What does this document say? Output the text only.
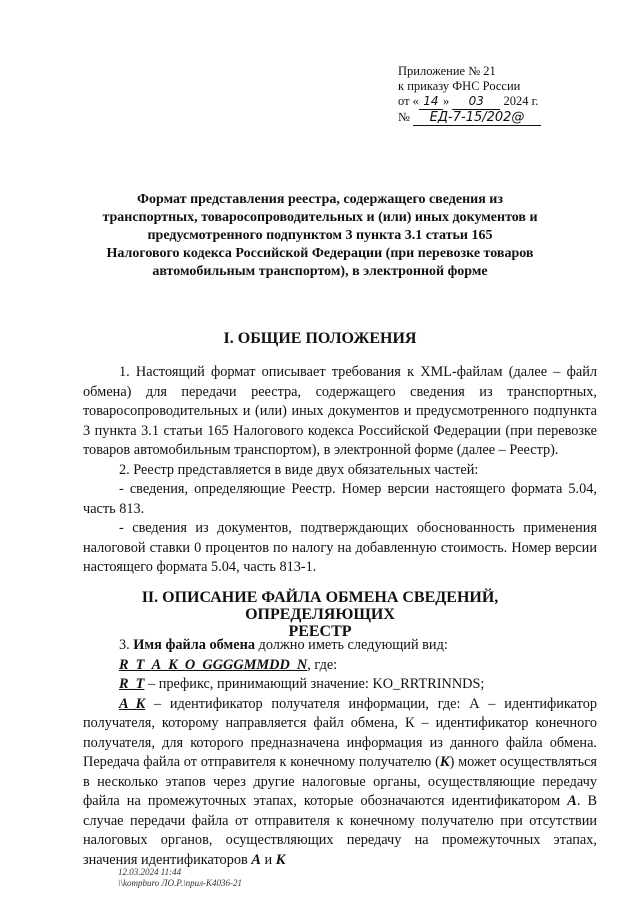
Приложение № 21
к приказу ФНС России
от « 14 » 03 2024 г.
№ ЕД-7-15/202@
Формат представления реестра, содержащего сведения из
транспортных, товаросопроводительных и (или) иных документов и
предусмотренного подпунктом 3 пункта 3.1 статьи 165
Налогового кодекса Российской Федерации (при перевозке товаров
автомобильным транспортом), в электронной форме
I. ОБЩИЕ ПОЛОЖЕНИЯ

1. Настоящий формат описывает требования к XML-файлам (далее – файл обмена) для передачи реестра, содержащего сведения из транспортных, товаросопроводительных и (или) иных документов и предусмотренного подпункта 3 пункта 3.1 статьи 165 Налогового кодекса Российской Федерации (при перевозке товаров автомобильным транспортом), в электронной форме (далее – Реестр).

2. Реестр представляется в виде двух обязательных частей:

- сведения, определяющие Реестр. Номер версии настоящего формата 5.04, часть 813.

- сведения из документов, подтверждающих обоснованность применения налоговой ставки 0 процентов по налогу на добавленную стоимость. Номер версии настоящего формата 5.04, часть 813-1.

II. ОПИСАНИЕ ФАЙЛА ОБМЕНА СВЕДЕНИЙ, ОПРЕДЕЛЯЮЩИХ
РЕЕСТР

3. Имя файла обмена должно иметь следующий вид:

R_T_A_K_O_GGGGMMDD_N, где:

R_T – префикс, принимающий значение: KO_RRTRINNDS;

A_K – идентификатор получателя информации, где: А – идентификатор получателя, которому направляется файл обмена, К – идентификатор конечного получателя, для которого предназначена информация из данного файла обмена. Передача файла от отправителя к конечному получателю (К) может осуществляться в несколько этапов через другие налоговые органы, осуществляющие передачу файла на промежуточных этапах, которые обозначаются идентификатором А. В случае передачи файла от отправителя к конечному получателю при отсутствии налоговых органов, осуществляющих передачу на промежуточных этапах, значения идентификаторов А и К

12.03.2024 11:44
\\kompburo ЛО.Р.\прил-К4036-21
